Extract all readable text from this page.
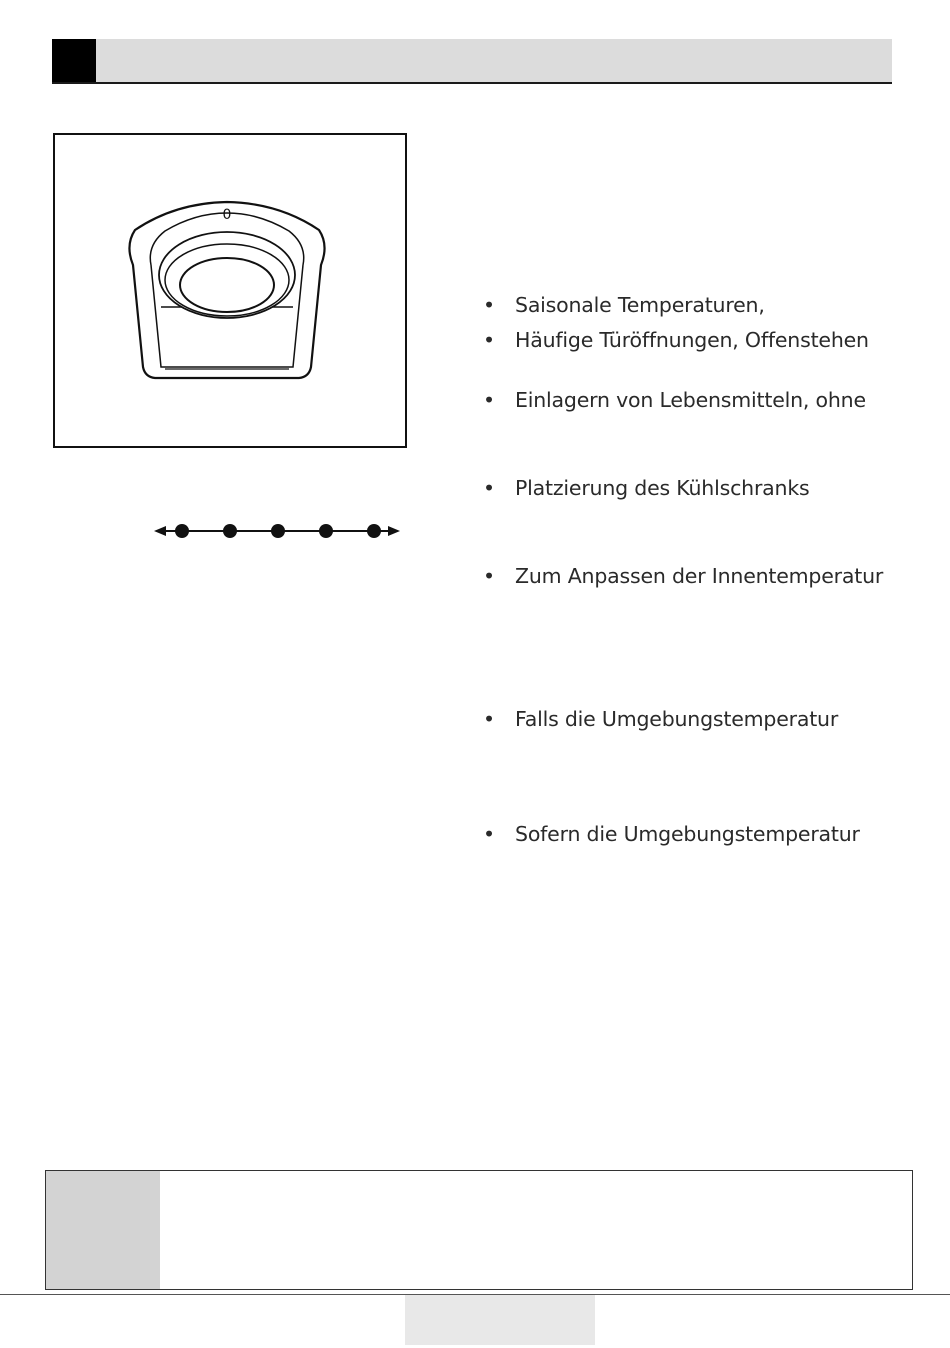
0
• Saisonale Temperaturen,
• Häufige Türöffnungen, Offenstehen
• Einlagern von Lebensmitteln, ohne
• Platzierung des Kühlschranks
• Zum Anpassen der Innentemperatur
• Falls die Umgebungstemperatur
• Sofern die Umgebungstemperatur
